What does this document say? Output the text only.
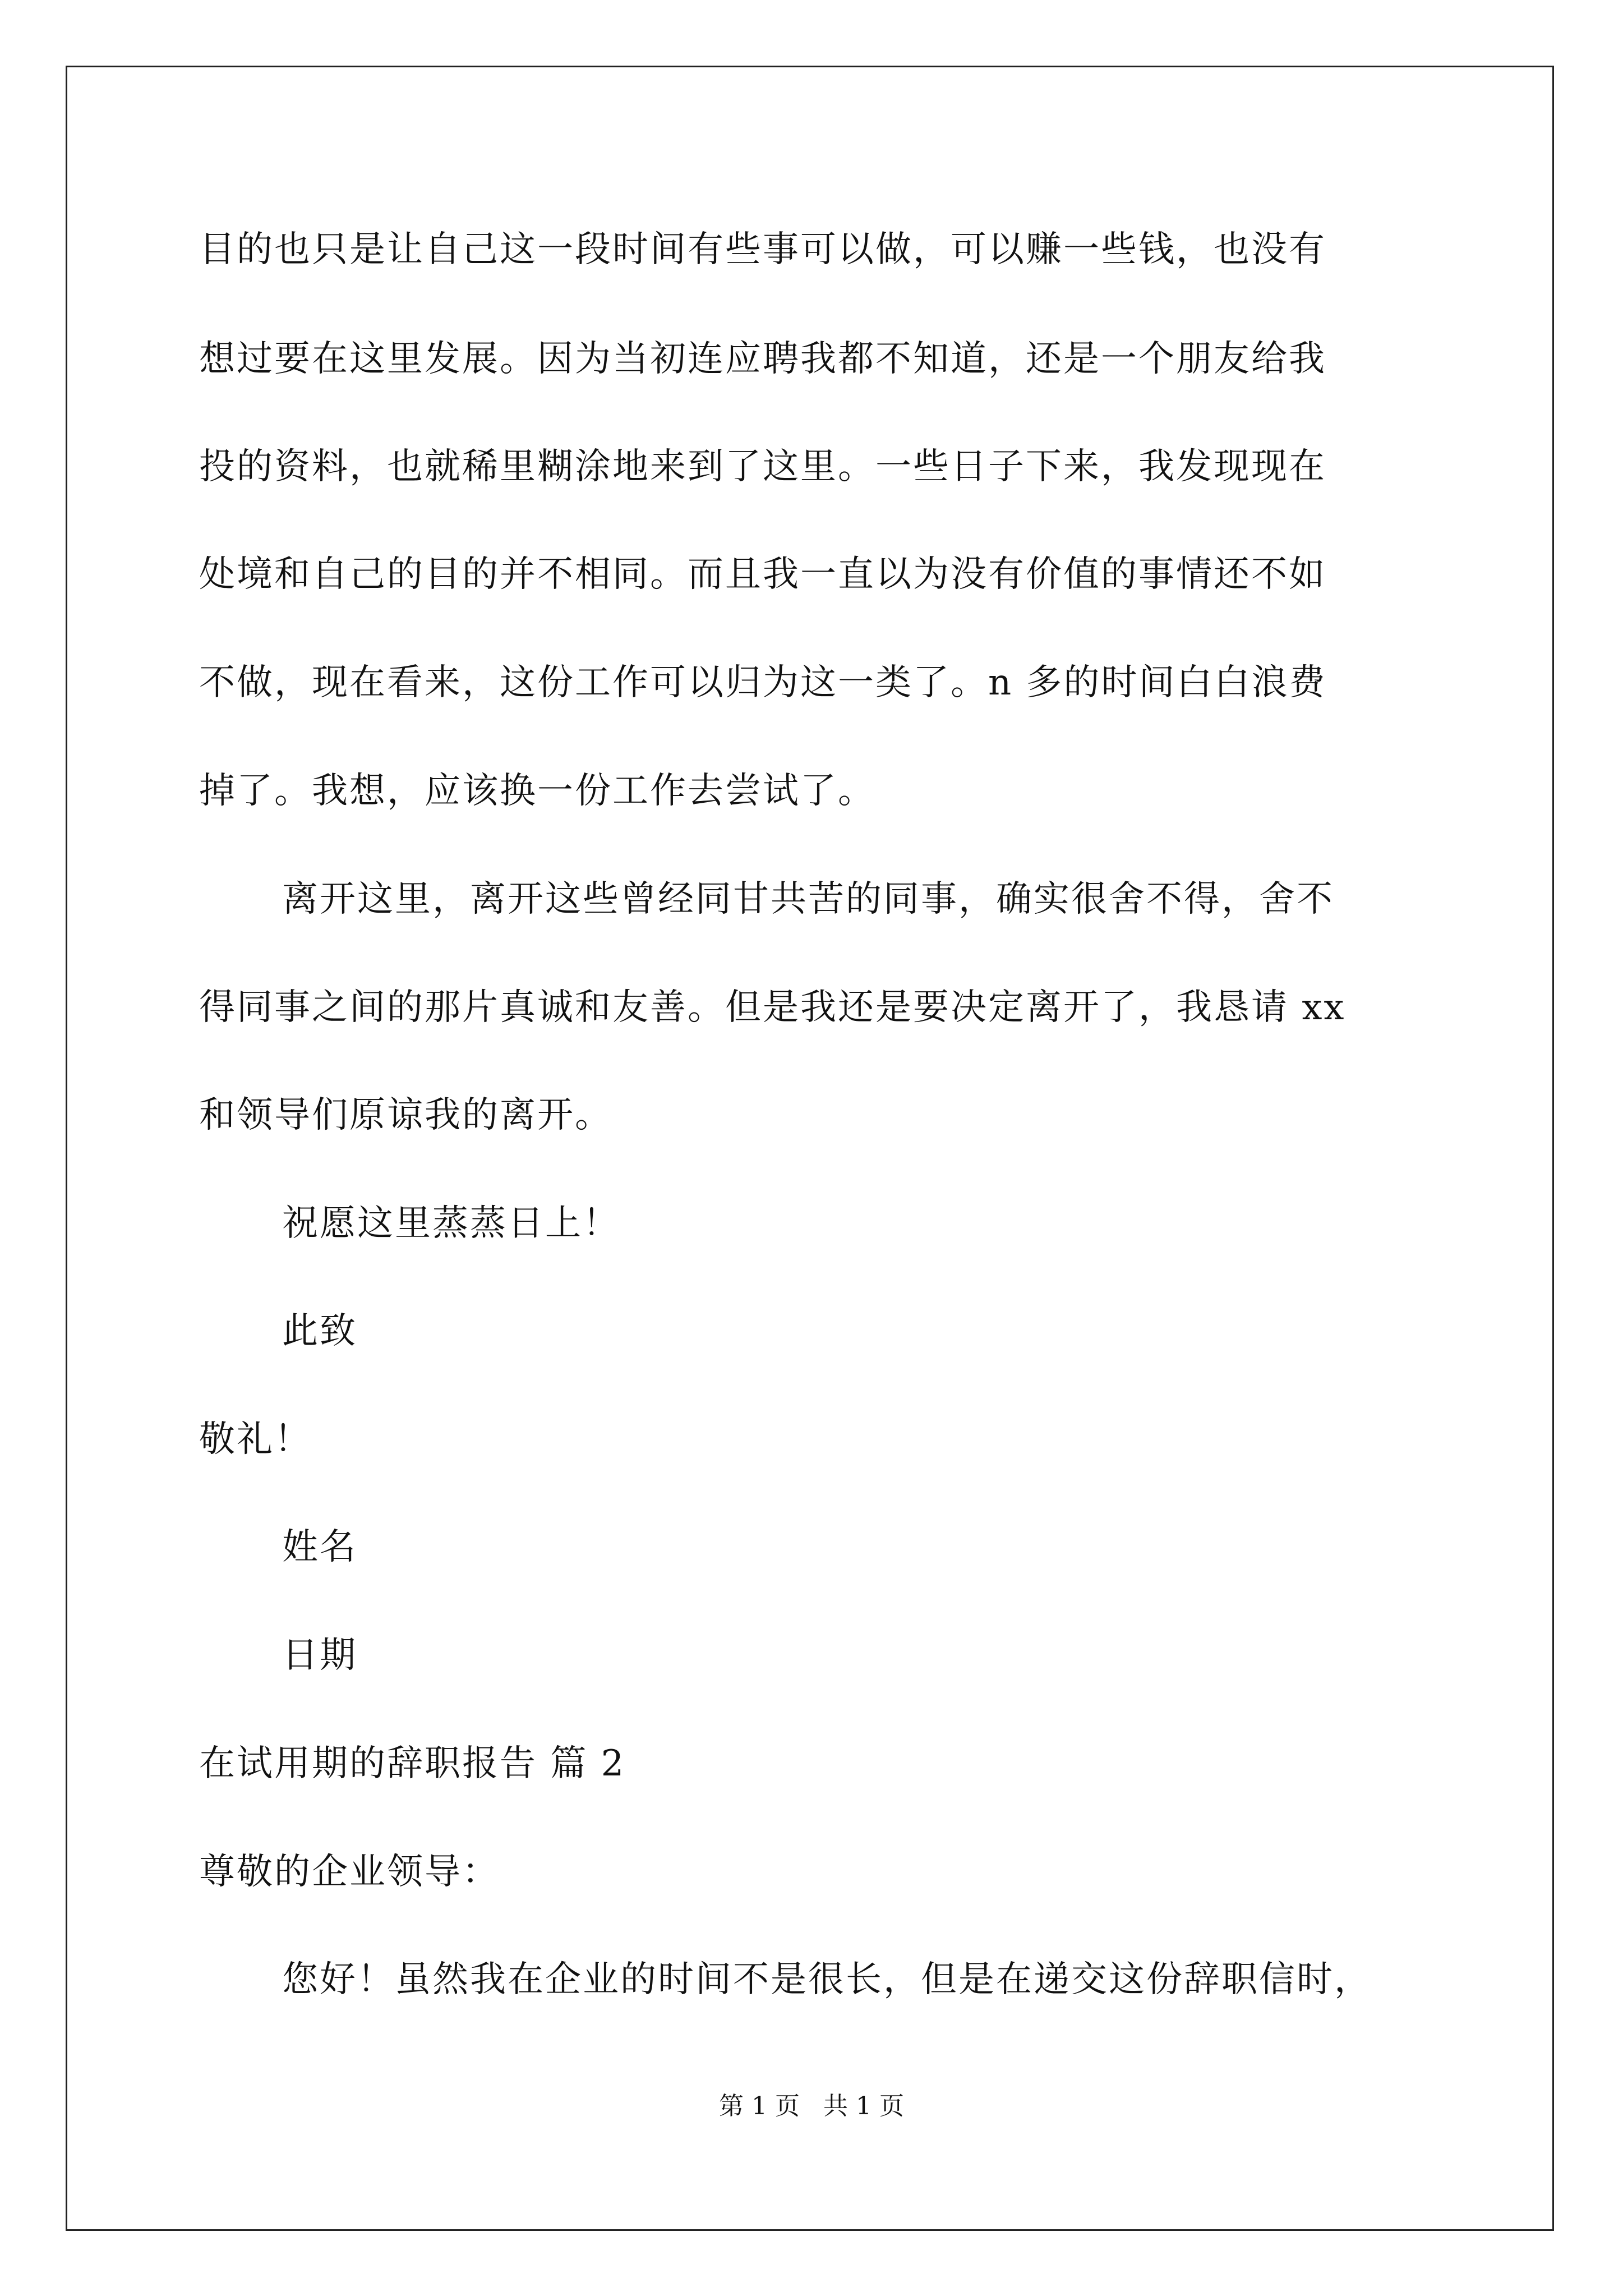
目的也只是让自己这一段时间有些事可以做，可以赚一些钱，也没有
想过要在这里发展。因为当初连应聘我都不知道，还是一个朋友给我
投的资料，也就稀里糊涂地来到了这里。一些日子下来，我发现现在
处境和自己的目的并不相同。而且我一直以为没有价值的事情还不如
不做，现在看来，这份工作可以归为这一类了。n 多的时间白白浪费
掉了。我想，应该换一份工作去尝试了。
离开这里，离开这些曾经同甘共苦的同事，确实很舍不得，舍不
得同事之间的那片真诚和友善。但是我还是要决定离开了，我恳请 xx
和领导们原谅我的离开。
祝愿这里蒸蒸日上！
此致
敬礼！
姓名
日期
在试用期的辞职报告 篇 2
尊敬的企业领导：
您好！虽然我在企业的时间不是很长，但是在递交这份辞职信时，
第 1 页   共 1 页
